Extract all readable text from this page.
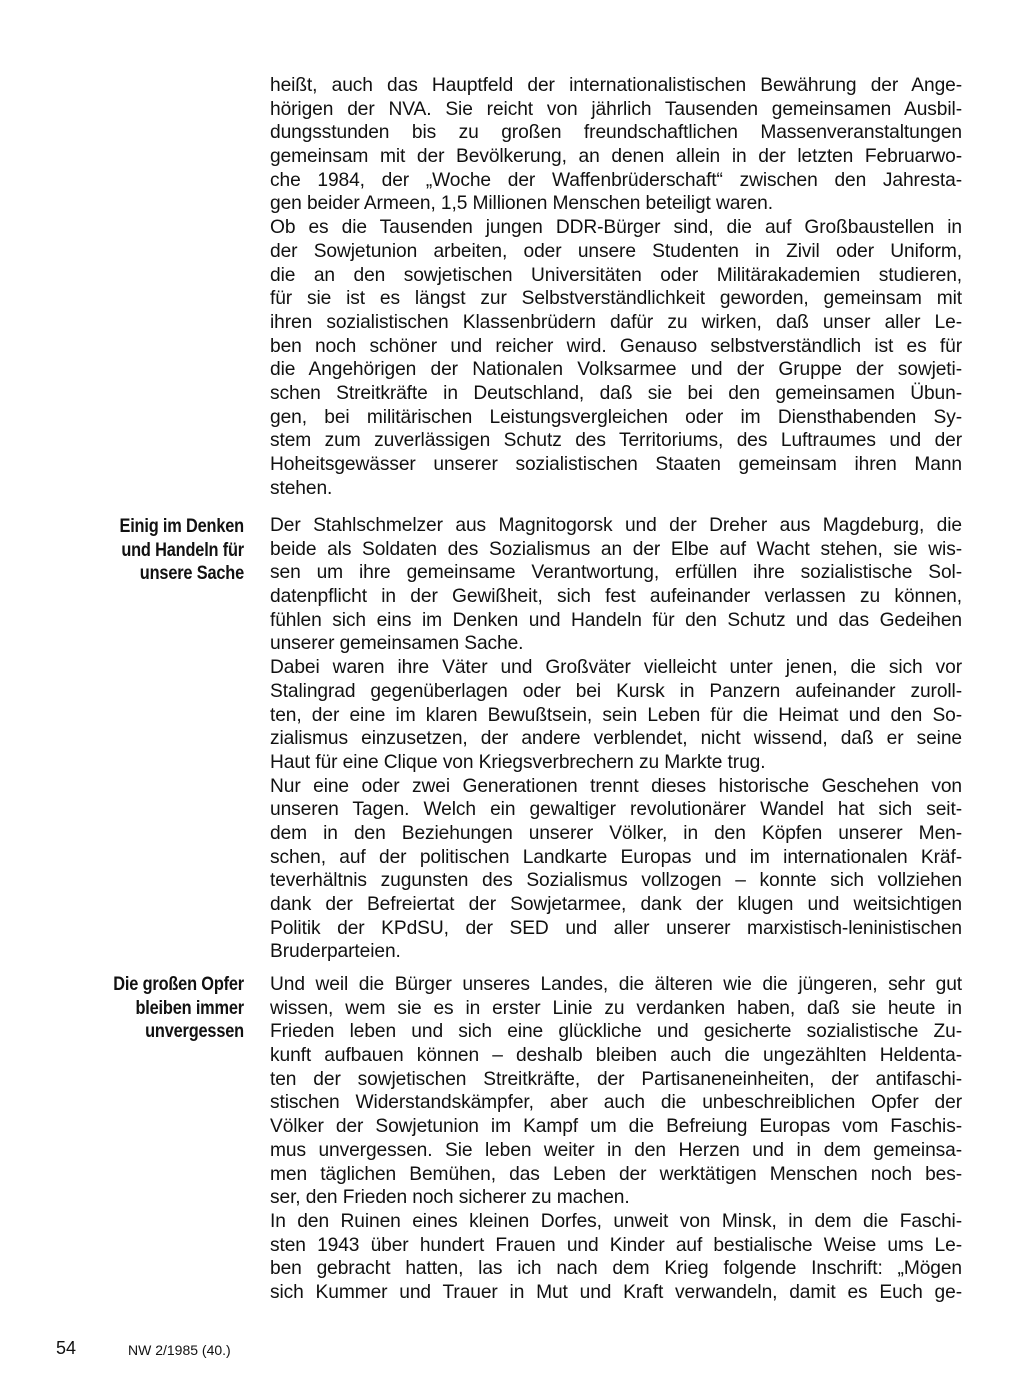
heißt, auch das Hauptfeld der internationalistischen Bewährung der Ange-
hörigen der NVA. Sie reicht von jährlich Tausenden gemeinsamen Ausbil-
dungsstunden bis zu großen freundschaftlichen Massenveranstaltungen
gemeinsam mit der Bevölkerung, an denen allein in der letzten Februarwo-
che 1984, der „Woche der Waffenbrüderschaft“ zwischen den Jahresta-
gen beider Armeen, 1,5 Millionen Menschen beteiligt waren.
Ob es die Tausenden jungen DDR-Bürger sind, die auf Großbaustellen in
der Sowjetunion arbeiten, oder unsere Studenten in Zivil oder Uniform,
die an den sowjetischen Universitäten oder Militärakademien studieren,
für sie ist es längst zur Selbstverständlichkeit geworden, gemeinsam mit
ihren sozialistischen Klassenbrüdern dafür zu wirken, daß unser aller Le-
ben noch schöner und reicher wird. Genauso selbstverständlich ist es für
die Angehörigen der Nationalen Volksarmee und der Gruppe der sowjeti-
schen Streitkräfte in Deutschland, daß sie bei den gemeinsamen Übun-
gen, bei militärischen Leistungsvergleichen oder im Diensthabenden Sy-
stem zum zuverlässigen Schutz des Territoriums, des Luftraumes und der
Hoheitsgewässer unserer sozialistischen Staaten gemeinsam ihren Mann
stehen.
Einig im Denken
und Handeln für
unsere Sache
Der Stahlschmelzer aus Magnitogorsk und der Dreher aus Magdeburg, die
beide als Soldaten des Sozialismus an der Elbe auf Wacht stehen, sie wis-
sen um ihre gemeinsame Verantwortung, erfüllen ihre sozialistische Sol-
datenpflicht in der Gewißheit, sich fest aufeinander verlassen zu können,
fühlen sich eins im Denken und Handeln für den Schutz und das Gedeihen
unserer gemeinsamen Sache.
Dabei waren ihre Väter und Großväter vielleicht unter jenen, die sich vor
Stalingrad gegenüberlagen oder bei Kursk in Panzern aufeinander zuroll-
ten, der eine im klaren Bewußtsein, sein Leben für die Heimat und den So-
zialismus einzusetzen, der andere verblendet, nicht wissend, daß er seine
Haut für eine Clique von Kriegsverbrechern zu Markte trug.
Nur eine oder zwei Generationen trennt dieses historische Geschehen von
unseren Tagen. Welch ein gewaltiger revolutionärer Wandel hat sich seit-
dem in den Beziehungen unserer Völker, in den Köpfen unserer Men-
schen, auf der politischen Landkarte Europas und im internationalen Kräf-
teverhältnis zugunsten des Sozialismus vollzogen – konnte sich vollziehen
dank der Befreiertat der Sowjetarmee, dank der klugen und weitsichtigen
Politik der KPdSU, der SED und aller unserer marxistisch-leninistischen
Bruderparteien.
Die großen Opfer
bleiben immer
unvergessen
Und weil die Bürger unseres Landes, die älteren wie die jüngeren, sehr gut
wissen, wem sie es in erster Linie zu verdanken haben, daß sie heute in
Frieden leben und sich eine glückliche und gesicherte sozialistische Zu-
kunft aufbauen können – deshalb bleiben auch die ungezählten Heldenta-
ten der sowjetischen Streitkräfte, der Partisaneneinheiten, der antifaschi-
stischen Widerstandskämpfer, aber auch die unbeschreiblichen Opfer der
Völker der Sowjetunion im Kampf um die Befreiung Europas vom Faschis-
mus unvergessen. Sie leben weiter in den Herzen und in dem gemeinsa-
men täglichen Bemühen, das Leben der werktätigen Menschen noch bes-
ser, den Frieden noch sicherer zu machen.
In den Ruinen eines kleinen Dorfes, unweit von Minsk, in dem die Faschi-
sten 1943 über hundert Frauen und Kinder auf bestialische Weise ums Le-
ben gebracht hatten, las ich nach dem Krieg folgende Inschrift: „Mögen
sich Kummer und Trauer in Mut und Kraft verwandeln, damit es Euch ge-
54	NW 2/1985 (40.)
